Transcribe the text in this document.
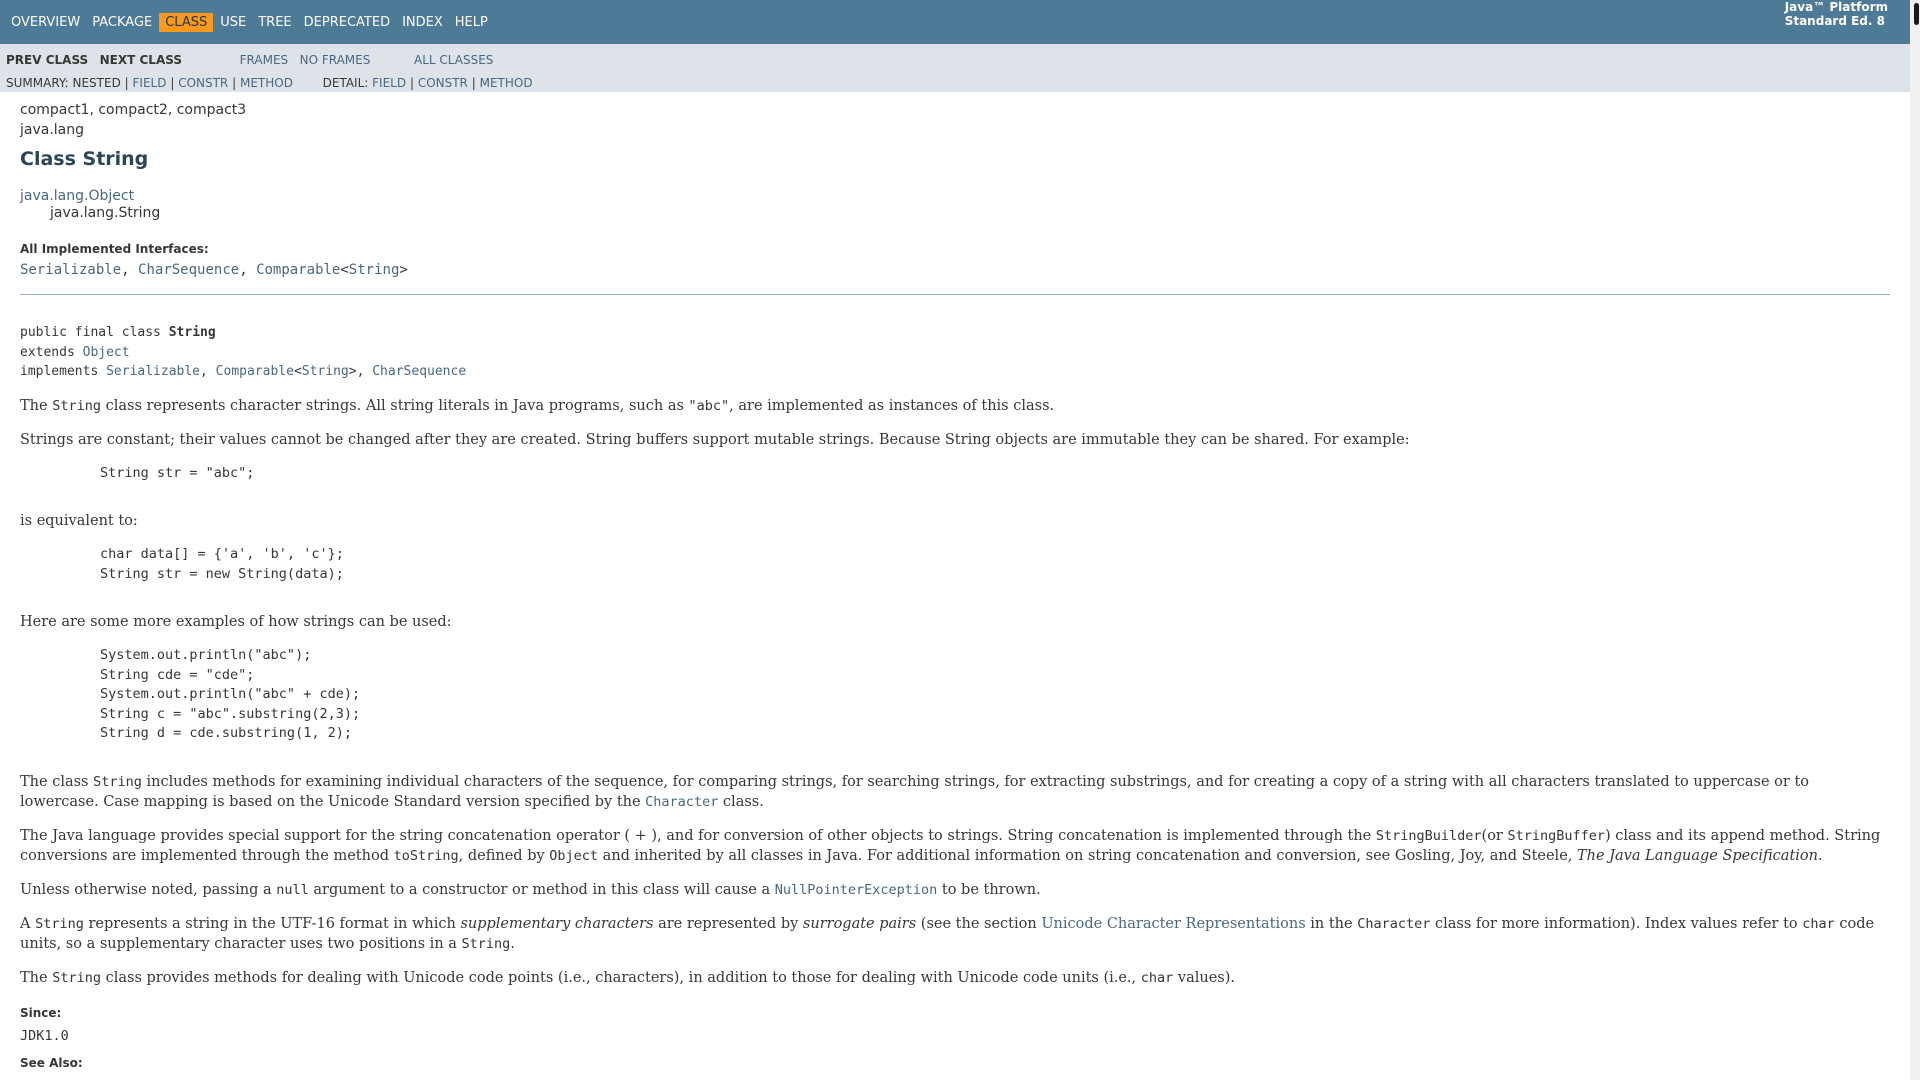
OVERVIEW PACKAGE	CLASS	USE TREE DEPRECATED INDEX HELP
Java™ Platform
Standard Ed. 8
PREV CLASS NEXT CLASS	FRAMES NO FRAMES	ALL CLASSES
SUMMARY: NESTED | FIELD | CONSTR | METHOD DETAIL: FIELD | CONSTR | METHOD
compact1, compact2, compact3
java.lang
Class String
java.lang.Object
java.lang.String
All Implemented Interfaces:
Serializable, CharSequence, Comparable<String>
public final class String
extends Object
implements Serializable, Comparable<String>, CharSequence
The String class represents character strings. All string literals in Java programs, such as "abc", are implemented as instances of this class.
Strings are constant; their values cannot be changed after they are created. String buffers support mutable strings. Because String objects are immutable they can be shared. For example:
String str = "abc";
is equivalent to:
char data[] = {'a', 'b', 'c'};
String str = new String(data);
Here are some more examples of how strings can be used:
System.out.println("abc");
String cde = "cde";
System.out.println("abc" + cde);
String c = "abc".substring(2,3);
String d = cde.substring(1, 2);
The class String includes methods for examining individual characters of the sequence, for comparing strings, for searching strings, for extracting substrings, and for creating a copy of a string with all characters translated to uppercase or to lowercase. Case mapping is based on the Unicode Standard version specified by the Character class.
The Java language provides special support for the string concatenation operator ( + ), and for conversion of other objects to strings. String concatenation is implemented through the StringBuilder(or StringBuffer) class and its append method. String conversions are implemented through the method toString, defined by Object and inherited by all classes in Java. For additional information on string concatenation and conversion, see Gosling, Joy, and Steele, The Java Language Specification.
Unless otherwise noted, passing a null argument to a constructor or method in this class will cause a NullPointerException to be thrown.
A String represents a string in the UTF-16 format in which supplementary characters are represented by surrogate pairs (see the section Unicode Character Representations in the Character class for more information). Index values refer to char code units, so a supplementary character uses two positions in a String.
The String class provides methods for dealing with Unicode code points (i.e., characters), in addition to those for dealing with Unicode code units (i.e., char values).
Since:
JDK1.0
See Also:
